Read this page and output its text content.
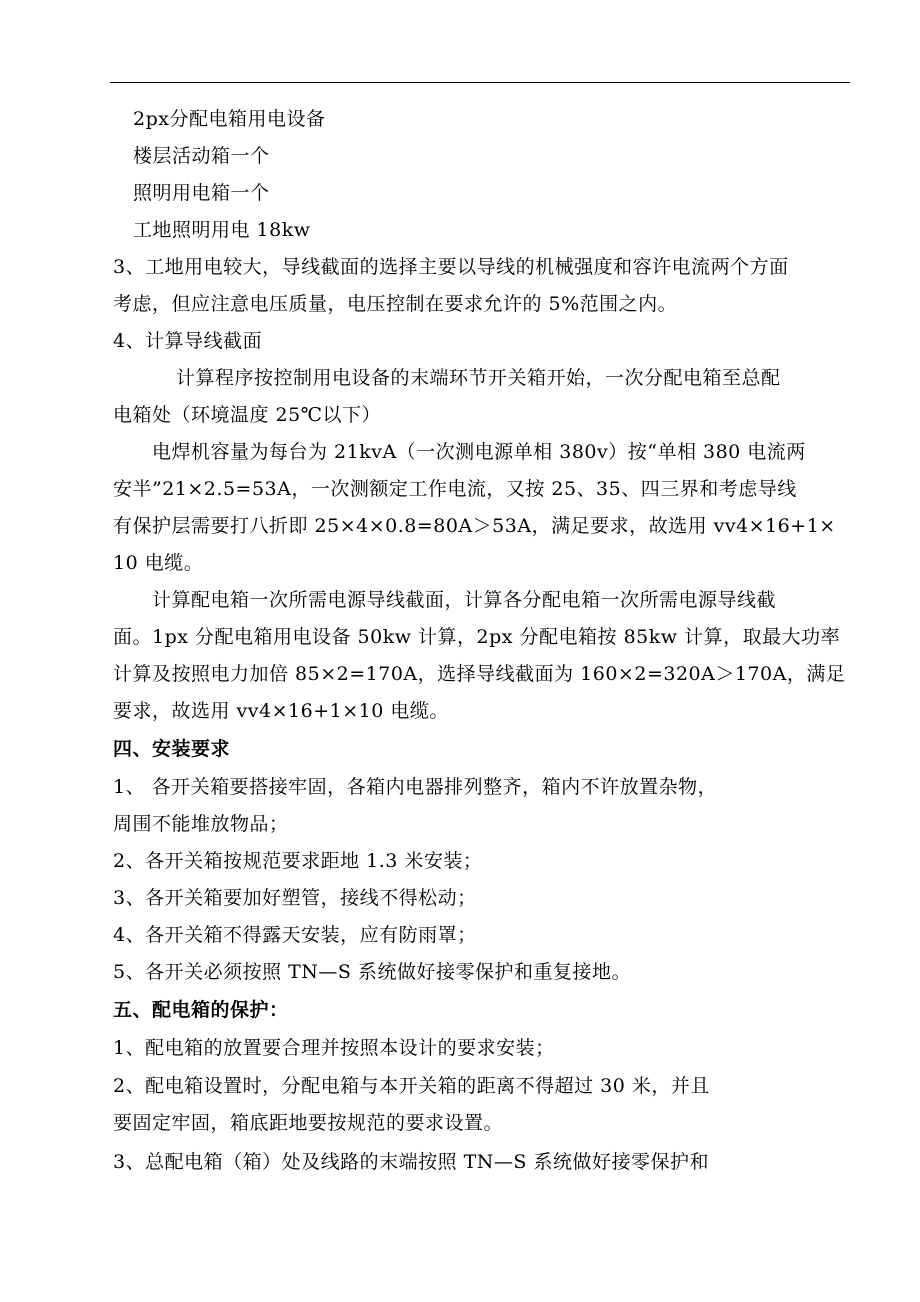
2px分配电箱用电设备
楼层活动箱一个
照明用电箱一个
工地照明用电 18kw
3、工地用电较大，导线截面的选择主要以导线的机械强度和容许电流两个方面
考虑，但应注意电压质量，电压控制在要求允许的 5%范围之内。
4、计算导线截面
计算程序按控制用电设备的末端环节开关箱开始，一次分配电箱至总配
电箱处（环境温度 25℃以下）
电焊机容量为每台为 21kvA（一次测电源单相 380v）按“单相 380 电流两
安半”21×2.5=53A，一次测额定工作电流，又按 25、35、四三界和考虑导线
有保护层需要打八折即 25×4×0.8=80A＞53A，满足要求，故选用 vv4×16+1×
10 电缆。
计算配电箱一次所需电源导线截面，计算各分配电箱一次所需电源导线截
面。1px 分配电箱用电设备 50kw 计算，2px 分配电箱按 85kw 计算，取最大功率
计算及按照电力加倍 85×2=170A，选择导线截面为 160×2=320A＞170A，满足
要求，故选用 vv4×16+1×10 电缆。
四、安装要求
1、 各开关箱要搭接牢固，各箱内电器排列整齐，箱内不许放置杂物，
周围不能堆放物品；
2、各开关箱按规范要求距地 1.3 米安装；
3、各开关箱要加好塑管，接线不得松动；
4、各开关箱不得露天安装，应有防雨罩；
5、各开关必须按照 TN—S 系统做好接零保护和重复接地。
五、配电箱的保护：
1、配电箱的放置要合理并按照本设计的要求安装；
2、配电箱设置时，分配电箱与本开关箱的距离不得超过 30 米，并且
要固定牢固，箱底距地要按规范的要求设置。
3、总配电箱（箱）处及线路的末端按照 TN—S 系统做好接零保护和
